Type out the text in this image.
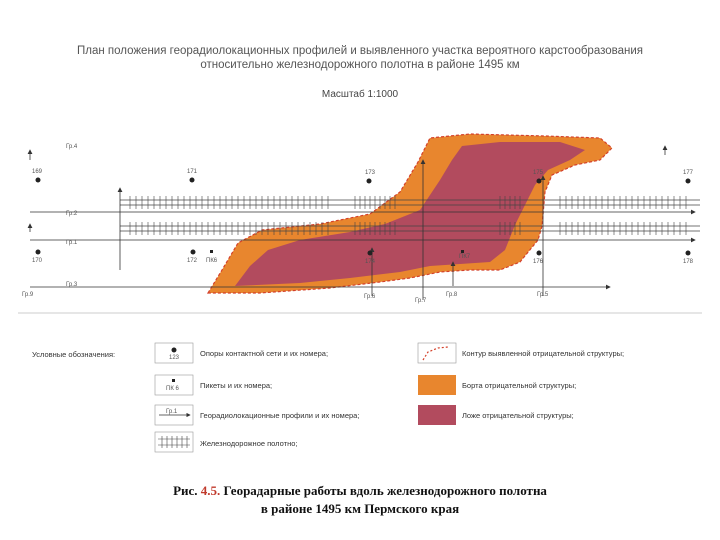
План положения георадиолокационных профилей и выявленного участка вероятного карстообразования
относительно железнодорожного полотна в районе 1495 км
Масштаб 1:1000
Гр.4
Гр.2
Гр.1
Гр.3
Гр.9	Гр.6
Гр.7
Гр.8	Гр.5
169	171	173	175	177
170	172	174	176	178
ПК6
ПК7
Условные обозначения:	123	Опоры контактной сети и их номера;
ПК 6	Пикеты и их номера;
Гр.1	Георадиолокационные профили и их номера;
Железнодорожное полотно;
Контур выявленной отрицательной структуры;
Борта отрицательной структуры;
Ложе отрицательной структуры;
Рис. 4.5. Георадарные работы вдоль железнодорожного полотна
в районе 1495 км Пермского края
